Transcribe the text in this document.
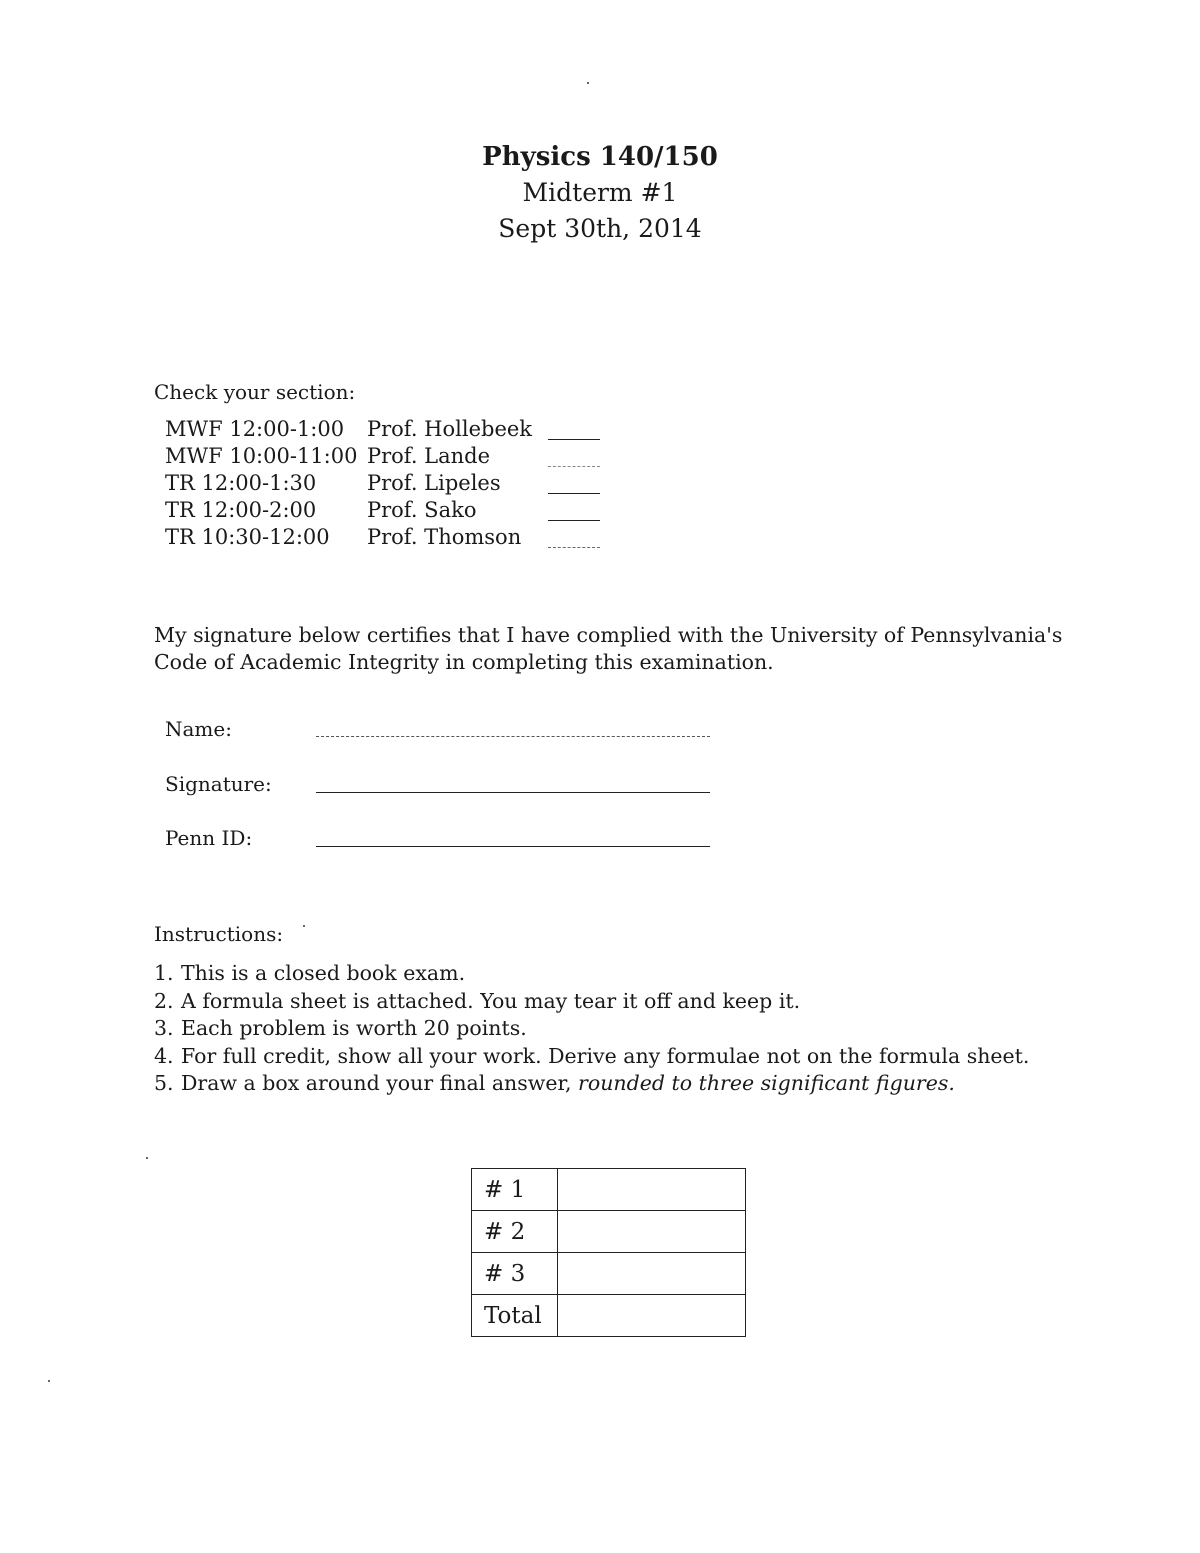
Physics 140/150
Midterm #1
Sept 30th, 2014
Check your section:
MWF 12:00-1:00 Prof. Hollebeek
MWF 10:00-11:00 Prof. Lande
TR 12:00-1:30 Prof. Lipeles
TR 12:00-2:00 Prof. Sako
TR 10:30-12:00 Prof. Thomson
My signature below certifies that I have complied with the University of Pennsylvania's Code of Academic Integrity in completing this examination.
Name:
Signature:
Penn ID:
Instructions:
1. This is a closed book exam.
2. A formula sheet is attached. You may tear it off and keep it.
3. Each problem is worth 20 points.
4. For full credit, show all your work. Derive any formulae not on the formula sheet.
5. Draw a box around your final answer, rounded to three significant figures.
# 1	
# 2	
# 3	
Total	
